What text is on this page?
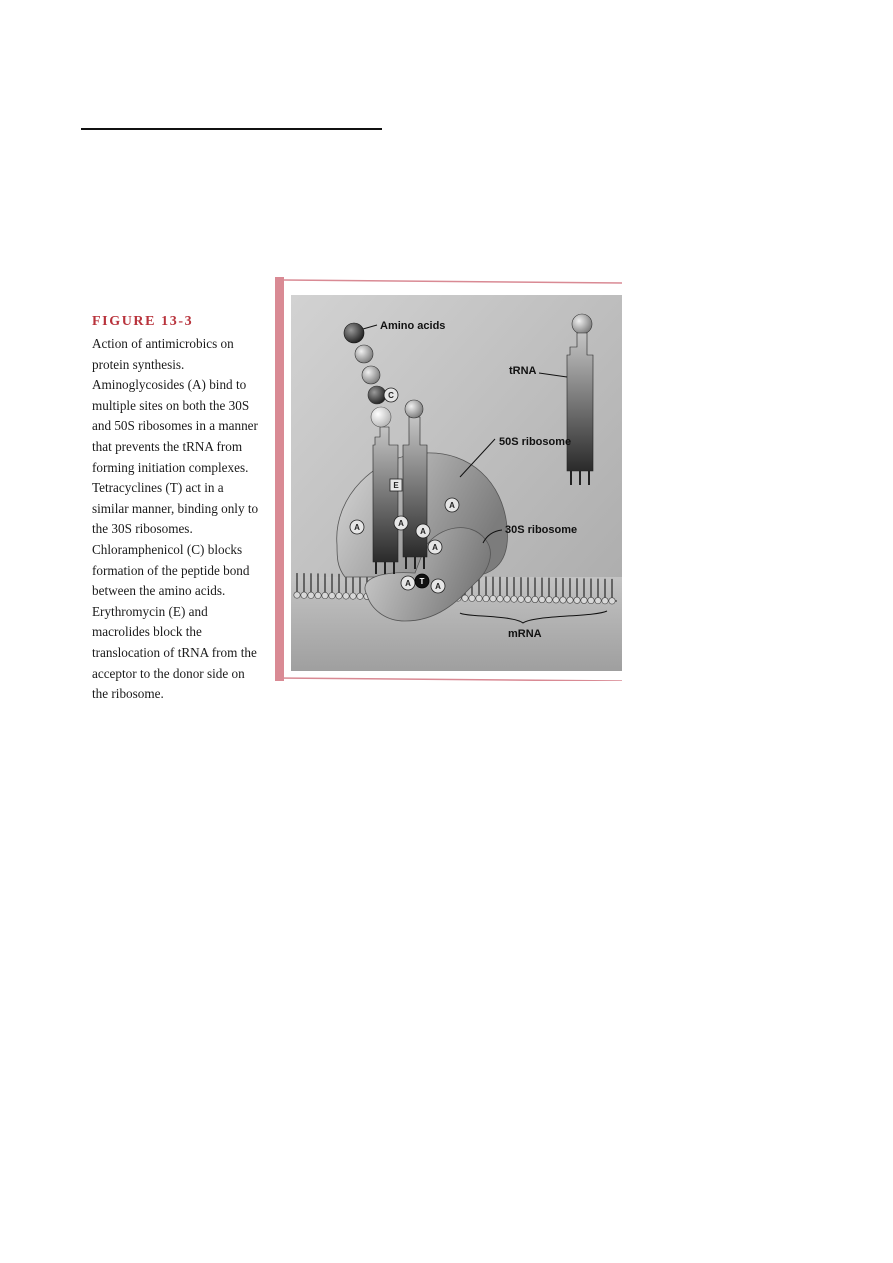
FIGURE 13-3

Action of antimicrobics on protein synthesis. Aminoglycosides (A) bind to multiple sites on both the 30S and 50S ribosomes in a manner that prevents the tRNA from forming initiation complexes. Tetracyclines (T) act in a similar manner, binding only to the 30S ribosomes. Chloramphenicol (C) blocks formation of the peptide bond between the amino acids. Erythromycin (E) and macrolides block the translocation of tRNA from the acceptor to the donor side on the ribosome.

Amino acids
tRNA
50S ribosome
30S ribosome
mRNA
C
E
A	A
A
A
A
A	A
T
